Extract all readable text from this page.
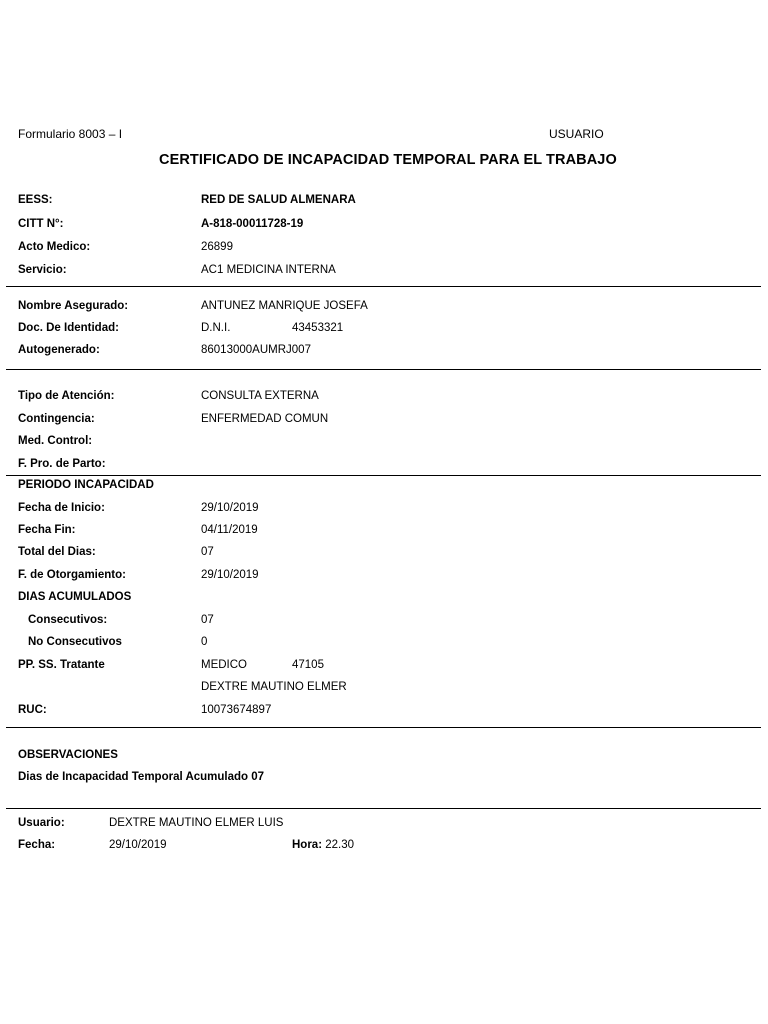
Formulario 8003 – I	USUARIO
CERTIFICADO DE INCAPACIDAD TEMPORAL PARA EL TRABAJO
EESS:	RED DE SALUD ALMENARA
CITT N°:	A-818-00011728-19
Acto Medico:	26899
Servicio:	AC1 MEDICINA INTERNA
Nombre Asegurado:	ANTUNEZ MANRIQUE JOSEFA
Doc. De Identidad:	D.N.I.	43453321
Autogenerado:	86013000AUMRJ007
Tipo de Atención:	CONSULTA EXTERNA
Contingencia:	ENFERMEDAD COMUN
Med. Control:
F. Pro. de Parto:
PERIODO INCAPACIDAD
Fecha de Inicio:	29/10/2019
Fecha Fin:	04/11/2019
Total del Dias:	07
F. de Otorgamiento:	29/10/2019
DIAS ACUMULADOS
Consecutivos:	07
No Consecutivos	0
PP. SS. Tratante	MEDICO	47105
DEXTRE MAUTINO ELMER
RUC:	10073674897
OBSERVACIONES
Dias de Incapacidad Temporal Acumulado 07
Usuario:	DEXTRE MAUTINO ELMER LUIS
Fecha:	29/10/2019	Hora: 22.30
